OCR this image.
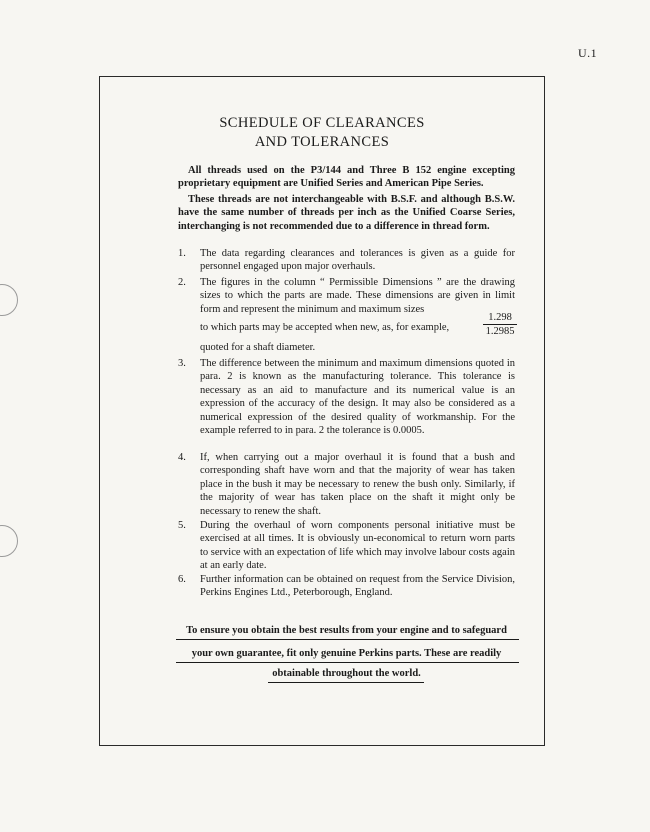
U.1
SCHEDULE OF CLEARANCES
AND TOLERANCES
All threads used on the P3/144 and Three B 152 engine excepting proprietary equipment are Unified Series and American Pipe Series.
These threads are not interchangeable with B.S.F. and although B.S.W. have the same number of threads per inch as the Unified Coarse Series, interchanging is not recommended due to a difference in thread form.
1. The data regarding clearances and tolerances is given as a guide for personnel engaged upon major overhauls.
2. The figures in the column “ Permissible Dimensions ” are the drawing sizes to which the parts are made. These dimensions are given in limit form and represent the minimum and maximum sizes
to which parts may be accepted when new, as, for example,	$\frac{1.298}{1.2985}$
quoted for a shaft diameter.
3. The difference between the minimum and maximum dimensions quoted in para. 2 is known as the manufacturing tolerance. This tolerance is necessary as an aid to manufacture and its numerical value is an expression of the accuracy of the design. It may also be considered as a numerical expression of the desired quality of workmanship. For the example referred to in para. 2 the tolerance is 0.0005.
4. If, when carrying out a major overhaul it is found that a bush and corresponding shaft have worn and that the majority of wear has taken place in the bush it may be necessary to renew the bush only. Similarly, if the majority of wear has taken place on the shaft it might only be necessary to renew the shaft.
5. During the overhaul of worn components personal initiative must be exercised at all times. It is obviously un-economical to return worn parts to service with an expectation of life which may involve labour costs again at an early date.
6. Further information can be obtained on request from the Service Division, Perkins Engines Ltd., Peterborough, England.
To ensure you obtain the best results from your engine and to safeguard
your own guarantee, fit only genuine Perkins parts. These are readily
obtainable throughout the world.
